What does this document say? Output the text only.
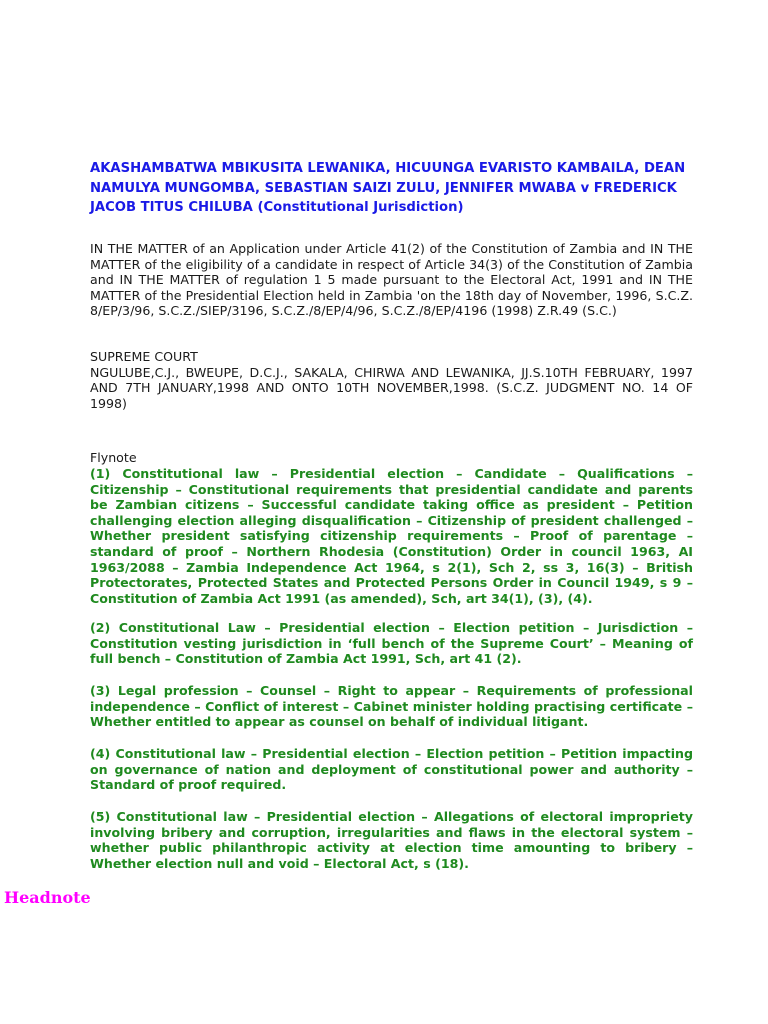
AKASHAMBATWA MBIKUSITA LEWANIKA, HICUUNGA EVARISTO KAMBAILA, DEAN NAMULYA MUNGOMBA, SEBASTIAN SAIZI ZULU, JENNIFER MWABA v FREDERICK JACOB TITUS CHILUBA (Constitutional Jurisdiction)

IN THE MATTER of an Application under Article 41(2) of the Constitution of Zambia and IN THE MATTER of the eligibility of a candidate in respect of Article 34(3) of the Constitution of Zambia and IN THE MATTER of regulation 1 5 made pursuant to the Electoral Act, 1991 and IN THE MATTER of the Presidential Election held in Zambia 'on the 18th day of November, 1996, S.C.Z. 8/EP/3/96, S.C.Z./SIEP/3196, S.C.Z./8/EP/4/96, S.C.Z./8/EP/4196 (1998) Z.R.49 (S.C.)

SUPREME COURT
NGULUBE,C.J., BWEUPE, D.C.J., SAKALA, CHIRWA AND LEWANIKA, JJ.S.10TH FEBRUARY, 1997 AND 7TH JANUARY,1998 AND ONTO 10TH NOVEMBER,1998. (S.C.Z. JUDGMENT NO. 14 OF 1998)

Flynote

(1) Constitutional law – Presidential election – Candidate – Qualifications – Citizenship – Constitutional requirements that presidential candidate and parents be Zambian citizens – Successful candidate taking office as president – Petition challenging election alleging disqualification – Citizenship of president challenged – Whether president satisfying citizenship requirements – Proof of parentage – standard of proof – Northern Rhodesia (Constitution) Order in council 1963, AI 1963/2088 – Zambia Independence Act 1964, s 2(1), Sch 2, ss 3, 16(3) – British Protectorates, Protected States and Protected Persons Order in Council 1949, s 9 – Constitution of Zambia Act 1991 (as amended), Sch, art 34(1), (3), (4).

(2) Constitutional Law – Presidential election – Election petition – Jurisdiction – Constitution vesting jurisdiction in ‘full bench of the Supreme Court’ – Meaning of full bench – Constitution of Zambia Act 1991, Sch, art 41 (2).

(3) Legal profession – Counsel – Right to appear – Requirements of professional independence – Conflict of interest – Cabinet minister holding practising certificate – Whether entitled to appear as counsel on behalf of individual litigant.

(4) Constitutional law – Presidential election – Election petition – Petition impacting on governance of nation and deployment of constitutional power and authority – Standard of proof required.

(5) Constitutional law – Presidential election – Allegations of electoral impropriety involving bribery and corruption, irregularities and flaws in the electoral system – whether public philanthropic activity at election time amounting to bribery – Whether election null and void – Electoral Act, s (18).

Headnote
